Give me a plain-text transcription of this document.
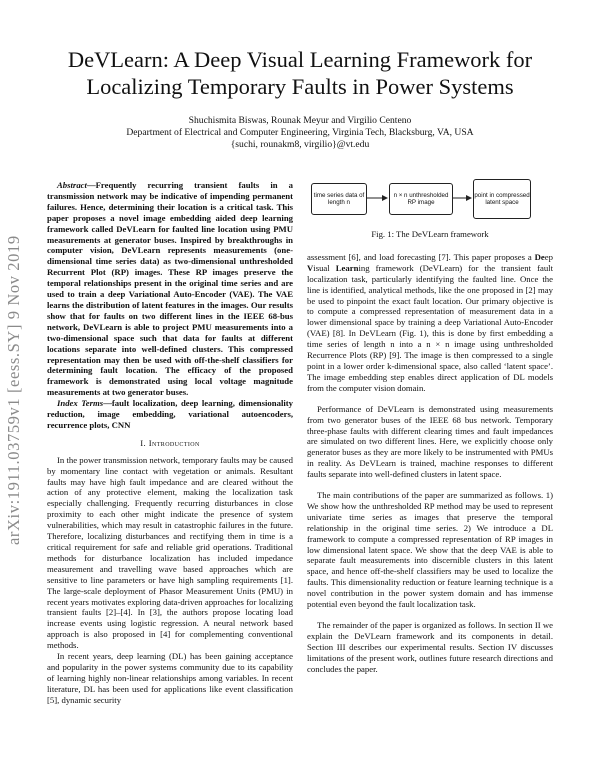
arXiv:1911.03759v1 [eess.SY] 9 Nov 2019
DeVLearn: A Deep Visual Learning Framework for
Localizing Temporary Faults in Power Systems
Shuchismita Biswas, Rounak Meyur and Virgilio Centeno
Department of Electrical and Computer Engineering, Virginia Tech, Blacksburg, VA, USA
{suchi, rounakm8, virgilio}@vt.edu

Abstract—Frequently recurring transient faults in a transmission network may be indicative of impending permanent failures. Hence, determining their location is a critical task. This paper proposes a novel image embedding aided deep learning framework called DeVLearn for faulted line location using PMU measurements at generator buses. Inspired by breakthroughs in computer vision, DeVLearn represents measurements (one-dimensional time series data) as two-dimensional unthresholded Recurrent Plot (RP) images. These RP images preserve the temporal relationships present in the original time series and are used to train a deep Variational Auto-Encoder (VAE). The VAE learns the distribution of latent features in the images. Our results show that for faults on two different lines in the IEEE 68-bus network, DeVLearn is able to project PMU measurements into a two-dimensional space such that data for faults at different locations separate into well-defined clusters. This compressed representation may then be used with off-the-shelf classifiers for determining fault location. The efficacy of the proposed framework is demonstrated using local voltage magnitude measurements at two generator buses.

Index Terms—fault localization, deep learning, dimensionality reduction, image embedding, variational autoencoders, recurrence plots, CNN

I. Introduction

In the power transmission network, temporary faults may be caused by momentary line contact with vegetation or animals. Resultant faults may have high fault impedance and are cleared without the action of any protective element, making the localization task especially challenging. Frequently recurring disturbances in close proximity to each other might indicate the presence of system vulnerabilities, which may result in catastrophic failures in the future. Therefore, localizing disturbances and rectifying them in time is a critical requirement for safe and reliable grid operations. Traditional methods for disturbance localization has included impedance measurement and travelling wave based approaches which are sensitive to line parameters or have high sampling requirements [1]. The large-scale deployment of Phasor Measurement Units (PMU) in recent years motivates exploring data-driven approaches for localizing transient faults [2]–[4]. In [3], the authors propose locating load increase events using logistic regression. A neural network based approach is also proposed in [4] for complementing conventional methods.

In recent years, deep learning (DL) has been gaining acceptance and popularity in the power systems community due to its capability of learning highly non-linear relationships among variables. In recent literature, DL has been used for applications like event classification [5], dynamic security

time series data of length n
n × n unthresholded RP image
point in compressed latent space
Fig. 1: The DeVLearn framework

assessment [6], and load forecasting [7]. This paper proposes a Deep Visual Learning framework (DeVLearn) for the transient fault localization task, particularly identifying the faulted line. Once the line is identified, analytical methods, like the one proposed in [2] may be used to pinpoint the exact fault location. Our primary objective is to compute a compressed representation of measurement data in a lower dimensional space by training a deep Variational Auto-Encoder (VAE) [8]. In DeVLearn (Fig. 1), this is done by first embedding a time series of length n into a n × n image using unthresholded Recurrence Plots (RP) [9]. The image is then compressed to a single point in a lower order k-dimensional space, also called ‘latent space’. The image embedding step enables direct application of DL models from the computer vision domain.

Performance of DeVLearn is demonstrated using measurements from two generator buses of the IEEE 68 bus network. Temporary three-phase faults with different clearing times and fault impedances are simulated on two different lines. Here, we explicitly choose only generator buses as they are more likely to be instrumented with PMUs in reality. As DeVLearn is trained, machine responses to different faults separate into well-defined clusters in latent space.

The main contributions of the paper are summarized as follows. 1) We show how the unthresholded RP method may be used to represent univariate time series as images that preserve the temporal relationship in the original time series. 2) We introduce a DL framework to compute a compressed representation of RP images in low dimensional latent space. We show that the deep VAE is able to separate fault measurements into discernible clusters in this latent space, and hence off-the-shelf classifiers may be used to localize the faults. This dimensionality reduction or feature learning technique is a novel contribution in the power system domain and has immense potential even beyond the fault localization task.

The remainder of the paper is organized as follows. In section II we explain the DeVLearn framework and its components in detail. Section III describes our experimental results. Section IV discusses limitations of the present work, outlines future research directions and concludes the paper.
